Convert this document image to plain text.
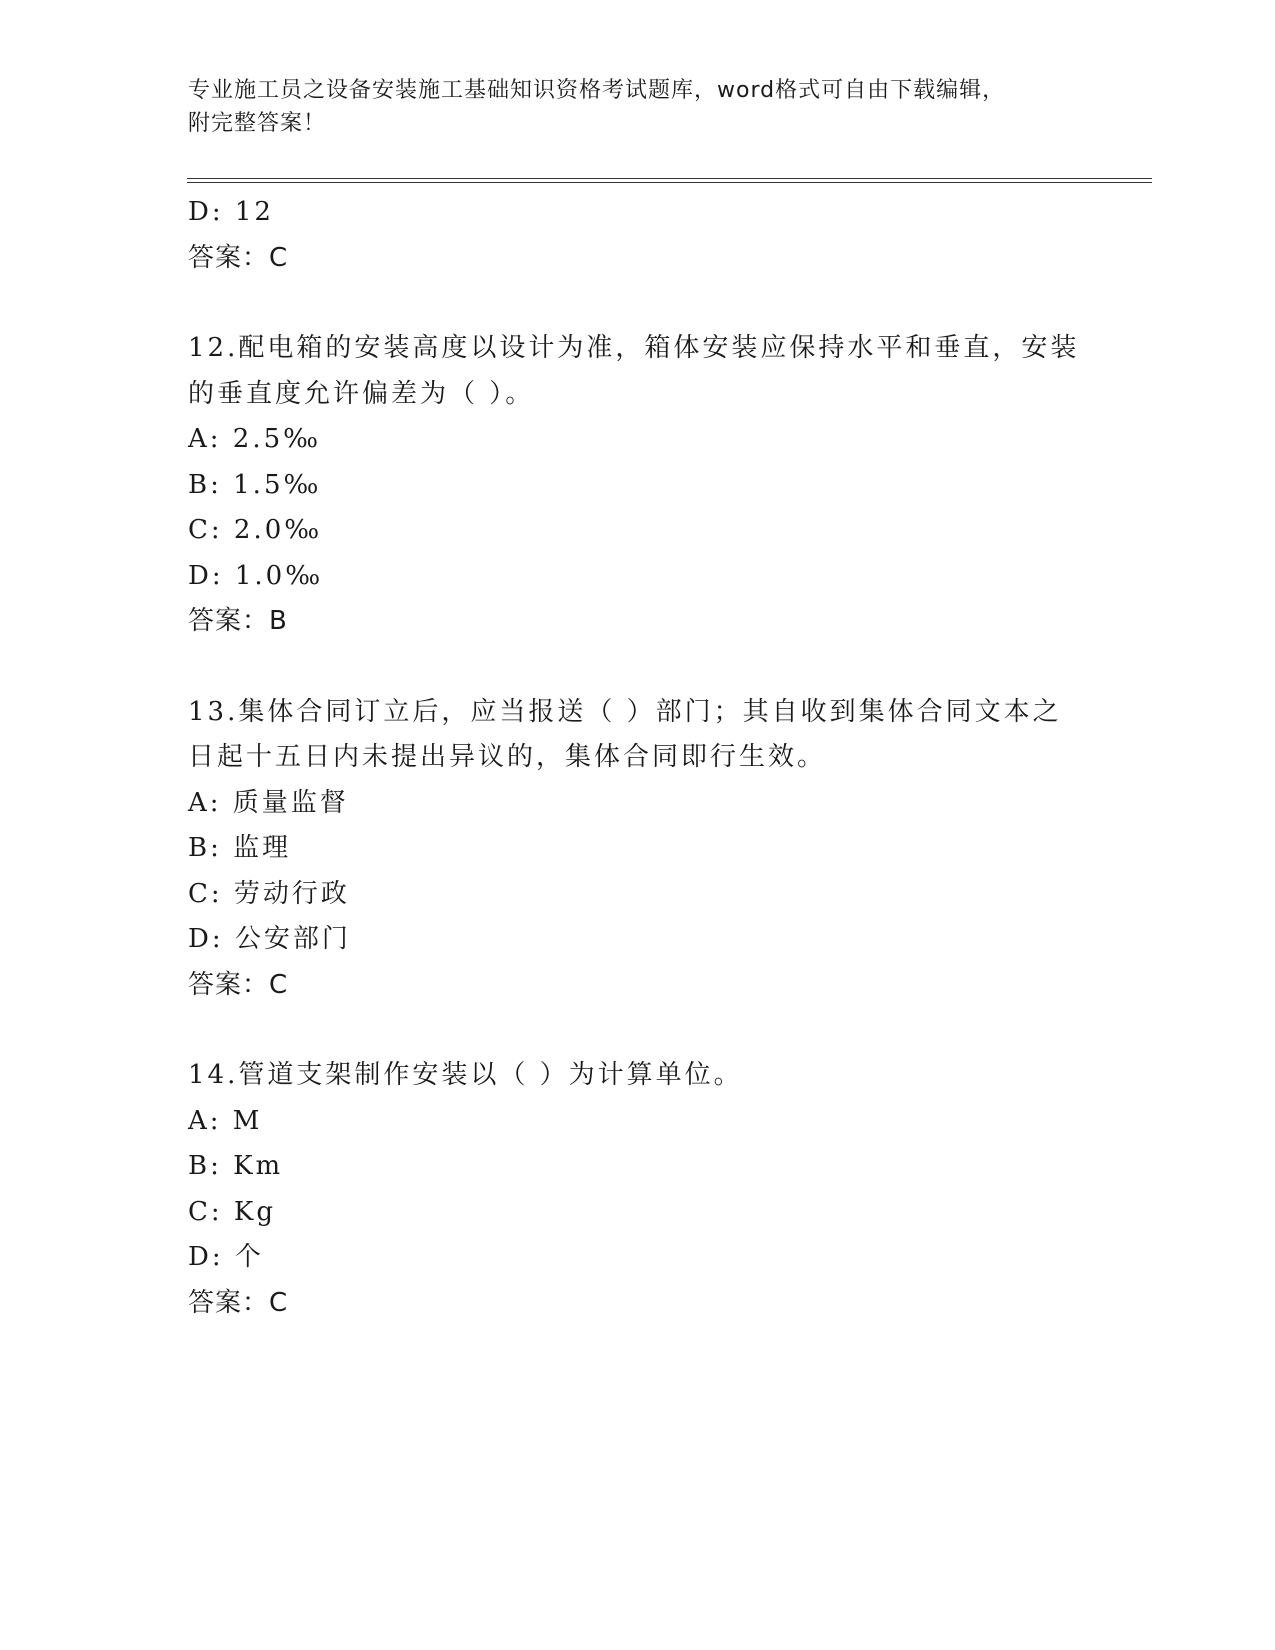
专业施工员之设备安装施工基础知识资格考试题库，word格式可自由下载编辑，
附完整答案！
D: 12
答案：C
12.配电箱的安装高度以设计为准，箱体安装应保持水平和垂直，安装
的垂直度允许偏差为（ ）。
A: 2.5‰
B: 1.5‰
C: 2.0‰
D: 1.0‰
答案：B
13.集体合同订立后，应当报送（ ）部门；其自收到集体合同文本之
日起十五日内未提出异议的，集体合同即行生效。
A: 质量监督
B: 监理
C: 劳动行政
D: 公安部门
答案：C
14.管道支架制作安装以（ ）为计算单位。
A: M
B: Km
C: Kg
D: 个
答案：C
